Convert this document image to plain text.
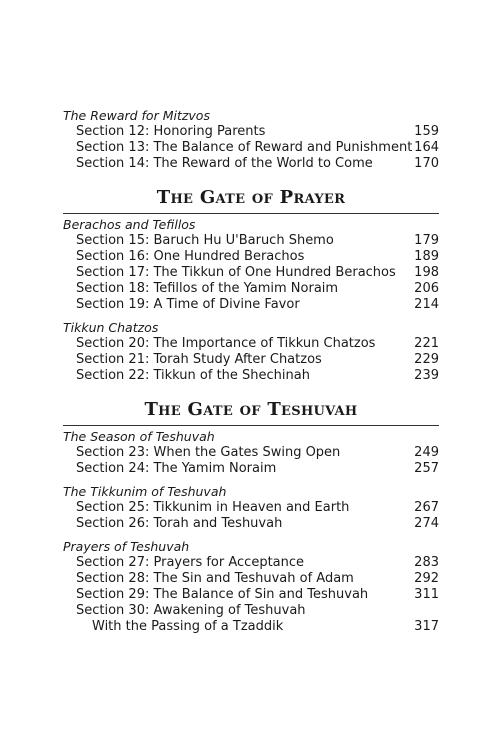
The Reward for Mitzvos
Section 12: Honoring Parents	159
Section 13: The Balance of Reward and Punishment 164
Section 14: The Reward of the World to Come	170
The Gate of Prayer
Berachos and Tefillos
Section 15: Baruch Hu U'Baruch Shemo	179
Section 16: One Hundred Berachos	189
Section 17: The Tikkun of One Hundred Berachos	198
Section 18: Tefillos of the Yamim Noraim	206
Section 19: A Time of Divine Favor	214
Tikkun Chatzos
Section 20: The Importance of Tikkun Chatzos	221
Section 21: Torah Study After Chatzos	229
Section 22: Tikkun of the Shechinah	239
The Gate of Teshuvah
The Season of Teshuvah
Section 23: When the Gates Swing Open	249
Section 24: The Yamim Noraim	257
The Tikkunim of Teshuvah
Section 25: Tikkunim in Heaven and Earth	267
Section 26: Torah and Teshuvah	274
Prayers of Teshuvah
Section 27: Prayers for Acceptance	283
Section 28: The Sin and Teshuvah of Adam	292
Section 29: The Balance of Sin and Teshuvah	311
Section 30: Awakening of Teshuvah
With the Passing of a Tzaddik	317
